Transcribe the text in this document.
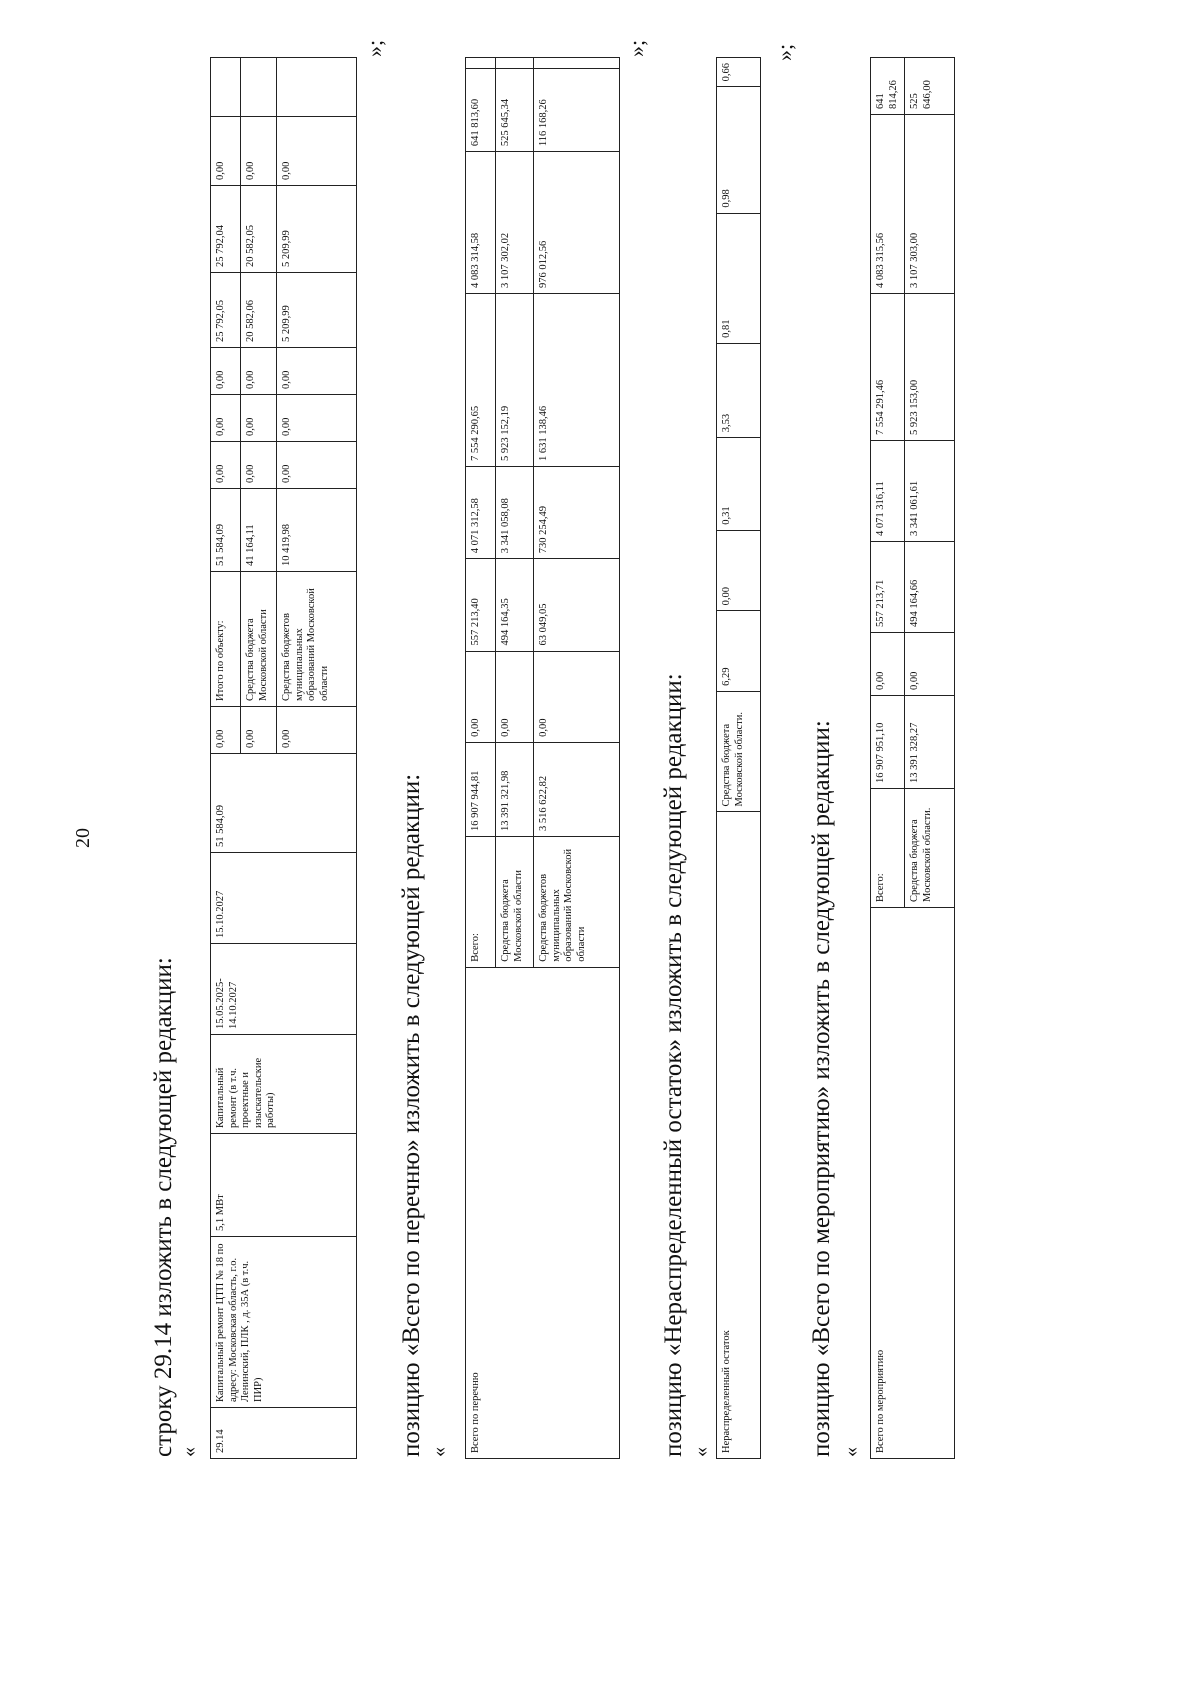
20
строку 29.14 изложить в следующей редакции: « 29.14	Капитальный ремонт ЦТП № 18 по адресу: Московская область, г.о. Ленинский, ПЛК , д. 35А (в т.ч. ПИР)	5,1 МВт	Капитальный ремонт (в т.ч. проектные и изыскательские работы)	15.05.2025-14.10.2027	15.10.2027	51 584,09	0,00	Итого по объекту:	51 584,09	0,00	0,00	0,00	25 792,05	25 792,04	0,00	
							0,00	Средства бюджета Московской области	41 164,11	0,00	0,00	0,00	20 582,06	20 582,05	0,00	
							0,00	Средства бюджетов муниципальных образований Московской области	10 419,98	0,00	0,00	0,00	5 209,99	5 209,99	0,00	
»;
позицию «Всего по перечню» изложить в следующей редакции: « Всего по перечню	Всего:	16 907 944,81	0,00	557 213,40	4 071 312,58	7 554 290,65	4 083 314,58	641 813,60	
	Средства бюджета Московской области	13 391 321,98	0,00	494 164,35	3 341 058,08	5 923 152,19	3 107 302,02	525 645,34	
	Средства бюджетов муниципальных образований Московской области	3 516 622,82	0,00	63 049,05	730 254,49	1 631 138,46	976 012,56	116 168,26	
»;
позицию «Нераспределенный остаток» изложить в следующей редакции: « Нераспределенный остаток	Средства бюджета Московской области.	6,29	0,00	0,31	3,53	0,81	0,98	0,66
»;
позицию «Всего по мероприятию» изложить в следующей редакции: « Всего по мероприятию	Всего:	16 907 951,10	0,00	557 213,71	4 071 316,11	7 554 291,46	4 083 315,56	641 814,26
	Средства бюджета Московской области.	13 391 328,27	0,00	494 164,66	3 341 061,61	5 923 153,00	3 107 303,00	525 646,00
